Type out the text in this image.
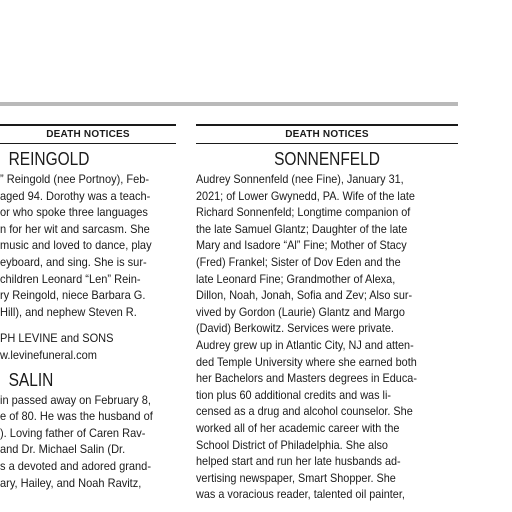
DEATH NOTICES
REINGOLD
” Reingold (nee Portnoy), Feb-
aged 94. Dorothy was a teach-
or who spoke three languages
n for her wit and sarcasm. She
music and loved to dance, play
eyboard, and sing. She is sur-
children Leonard “Len” Rein-
ry Reingold, niece Barbara G.
Hill), and nephew Steven R.
PH LEVINE and SONS
w.levinefuneral.com
SALIN
in passed away on February 8,
e of 80. He was the husband of
). Loving father of Caren Rav-
and Dr. Michael Salin (Dr.
s a devoted and adored grand-
ary, Hailey, and Noah Ravitz,
DEATH NOTICES
SONNENFELD
Audrey Sonnenfeld (nee Fine), January 31,
2021; of Lower Gwynedd, PA. Wife of the late
Richard Sonnenfeld; Longtime companion of
the late Samuel Glantz; Daughter of the late
Mary and Isadore “Al” Fine; Mother of Stacy
(Fred) Frankel; Sister of Dov Eden and the
late Leonard Fine; Grandmother of Alexa,
Dillon, Noah, Jonah, Sofia and Zev; Also sur-
vived by Gordon (Laurie) Glantz and Margo
(David) Berkowitz. Services were private.
Audrey grew up in Atlantic City, NJ and atten-
ded Temple University where she earned both
her Bachelors and Masters degrees in Educa-
tion plus 60 additional credits and was li-
censed as a drug and alcohol counselor. She
worked all of her academic career with the
School District of Philadelphia. She also
helped start and run her late husbands ad-
vertising newspaper, Smart Shopper. She
was a voracious reader, talented oil painter,
